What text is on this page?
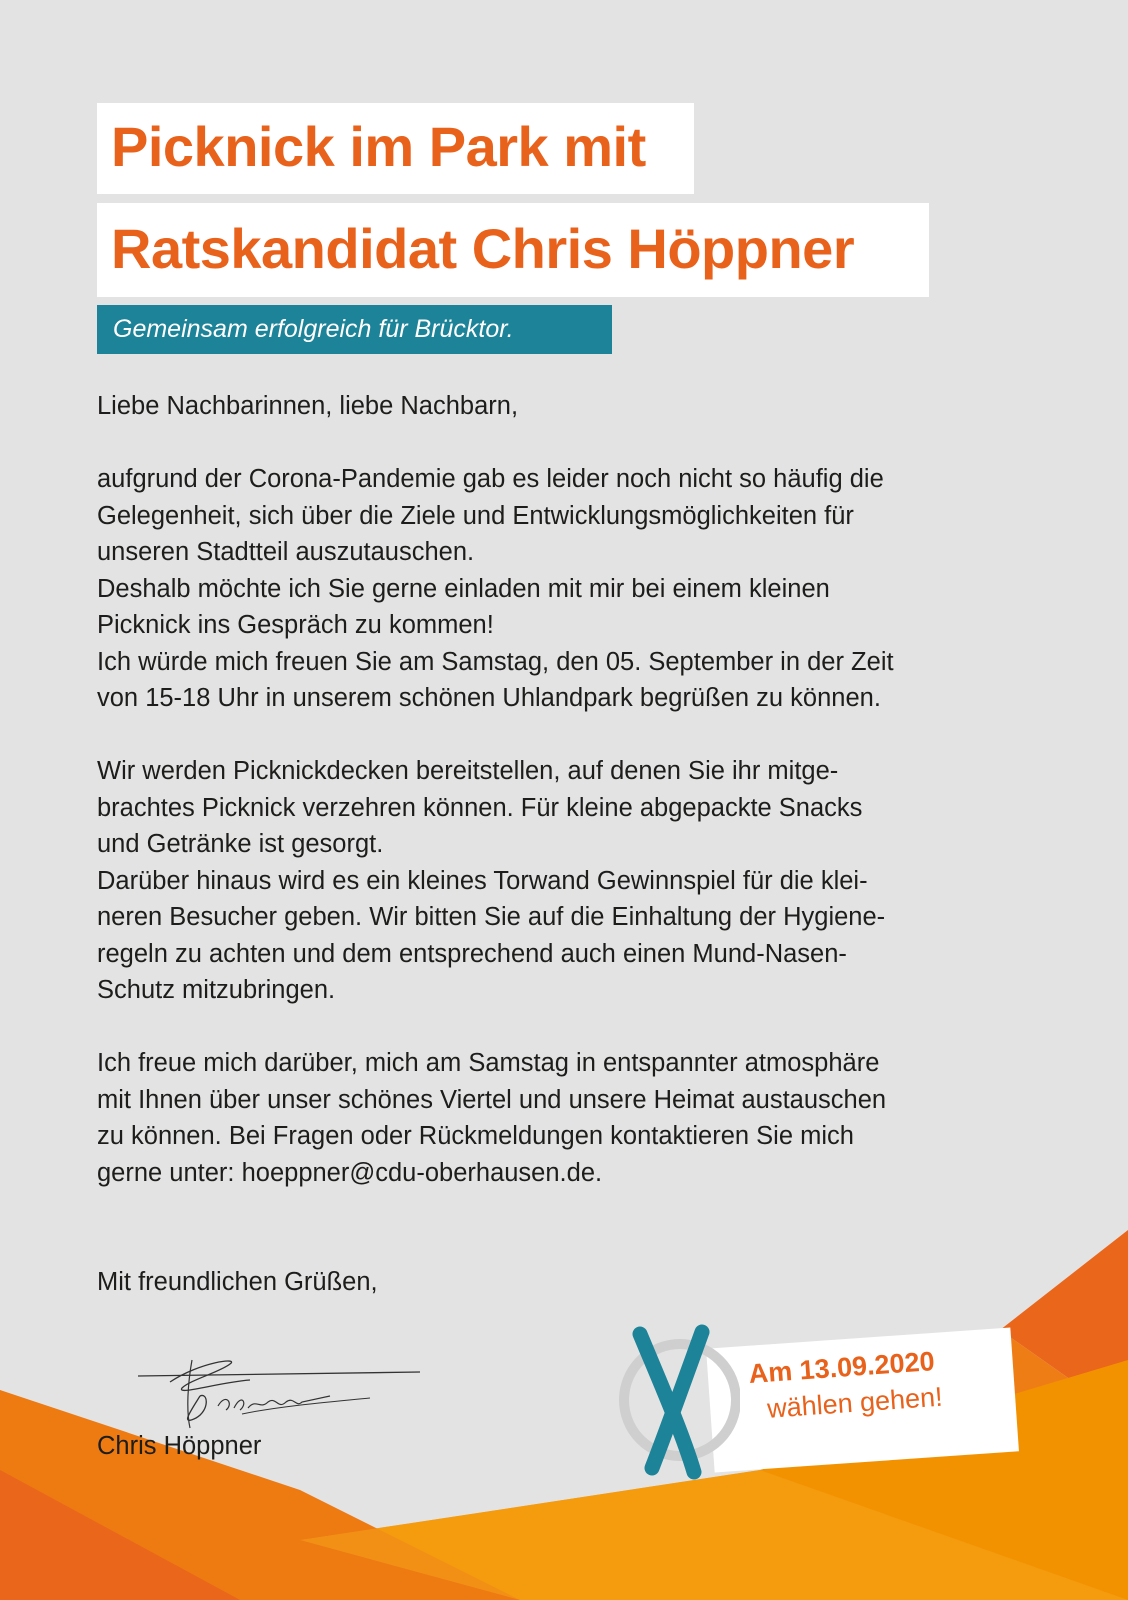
Picknick im Park mit
Ratskandidat Chris Höppner
Gemeinsam erfolgreich für Brücktor.

Liebe Nachbarinnen, liebe Nachbarn,

aufgrund der Corona-Pandemie gab es leider noch nicht so häufig die

Gelegenheit, sich über die Ziele und Entwicklungsmöglichkeiten für

unseren Stadtteil auszutauschen.

Deshalb möchte ich Sie gerne einladen mit mir bei einem kleinen

Picknick ins Gespräch zu kommen!

Ich würde mich freuen Sie am Samstag, den 05. September in der Zeit

von 15-18 Uhr in unserem schönen Uhlandpark begrüßen zu können.

Wir werden Picknickdecken bereitstellen, auf denen Sie ihr mitge-

brachtes Picknick verzehren können. Für kleine abgepackte Snacks

und Getränke ist gesorgt.

Darüber hinaus wird es ein kleines Torwand Gewinnspiel für die klei-

neren Besucher geben. Wir bitten Sie auf die Einhaltung der Hygiene-

regeln zu achten und dem entsprechend auch einen Mund-Nasen-

Schutz mitzubringen.

Ich freue mich darüber, mich am Samstag in entspannter atmosphäre

mit Ihnen über unser schönes Viertel und unsere Heimat austauschen

zu können. Bei Fragen oder Rückmeldungen kontaktieren Sie mich

gerne unter: hoeppner@cdu-oberhausen.de.

Mit freundlichen Grüßen,

Chris Höppner
Am 13.09.2020
wählen gehen!
